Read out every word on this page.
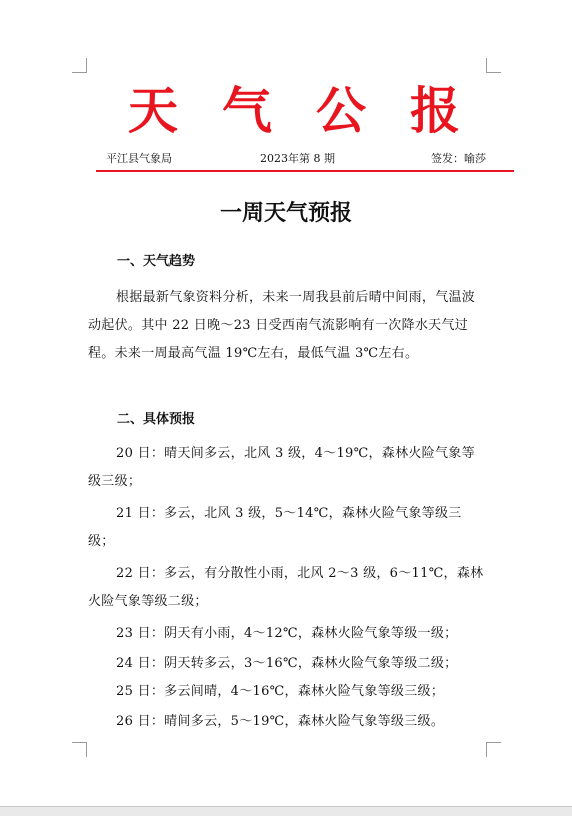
天 气 公 报
平江县气象局	2023年第 8 期	签发：喻莎
一周天气预报
一、天气趋势

根据最新气象资料分析，未来一周我县前后晴中间雨，气温波动起伏。其中 22 日晚～23 日受西南气流影响有一次降水天气过程。未来一周最高气温 19℃左右，最低气温 3℃左右。

二、具体预报

20 日：晴天间多云，北风 3 级，4～19℃，森林火险气象等级三级；

21 日：多云，北风 3 级，5～14℃，森林火险气象等级三级；

22 日：多云，有分散性小雨，北风 2～3 级，6～11℃，森林火险气象等级二级；

23 日：阴天有小雨，4～12℃，森林火险气象等级一级；

24 日：阴天转多云，3～16℃，森林火险气象等级二级；

25 日：多云间晴，4～16℃，森林火险气象等级三级；

26 日：晴间多云，5～19℃，森林火险气象等级三级。
